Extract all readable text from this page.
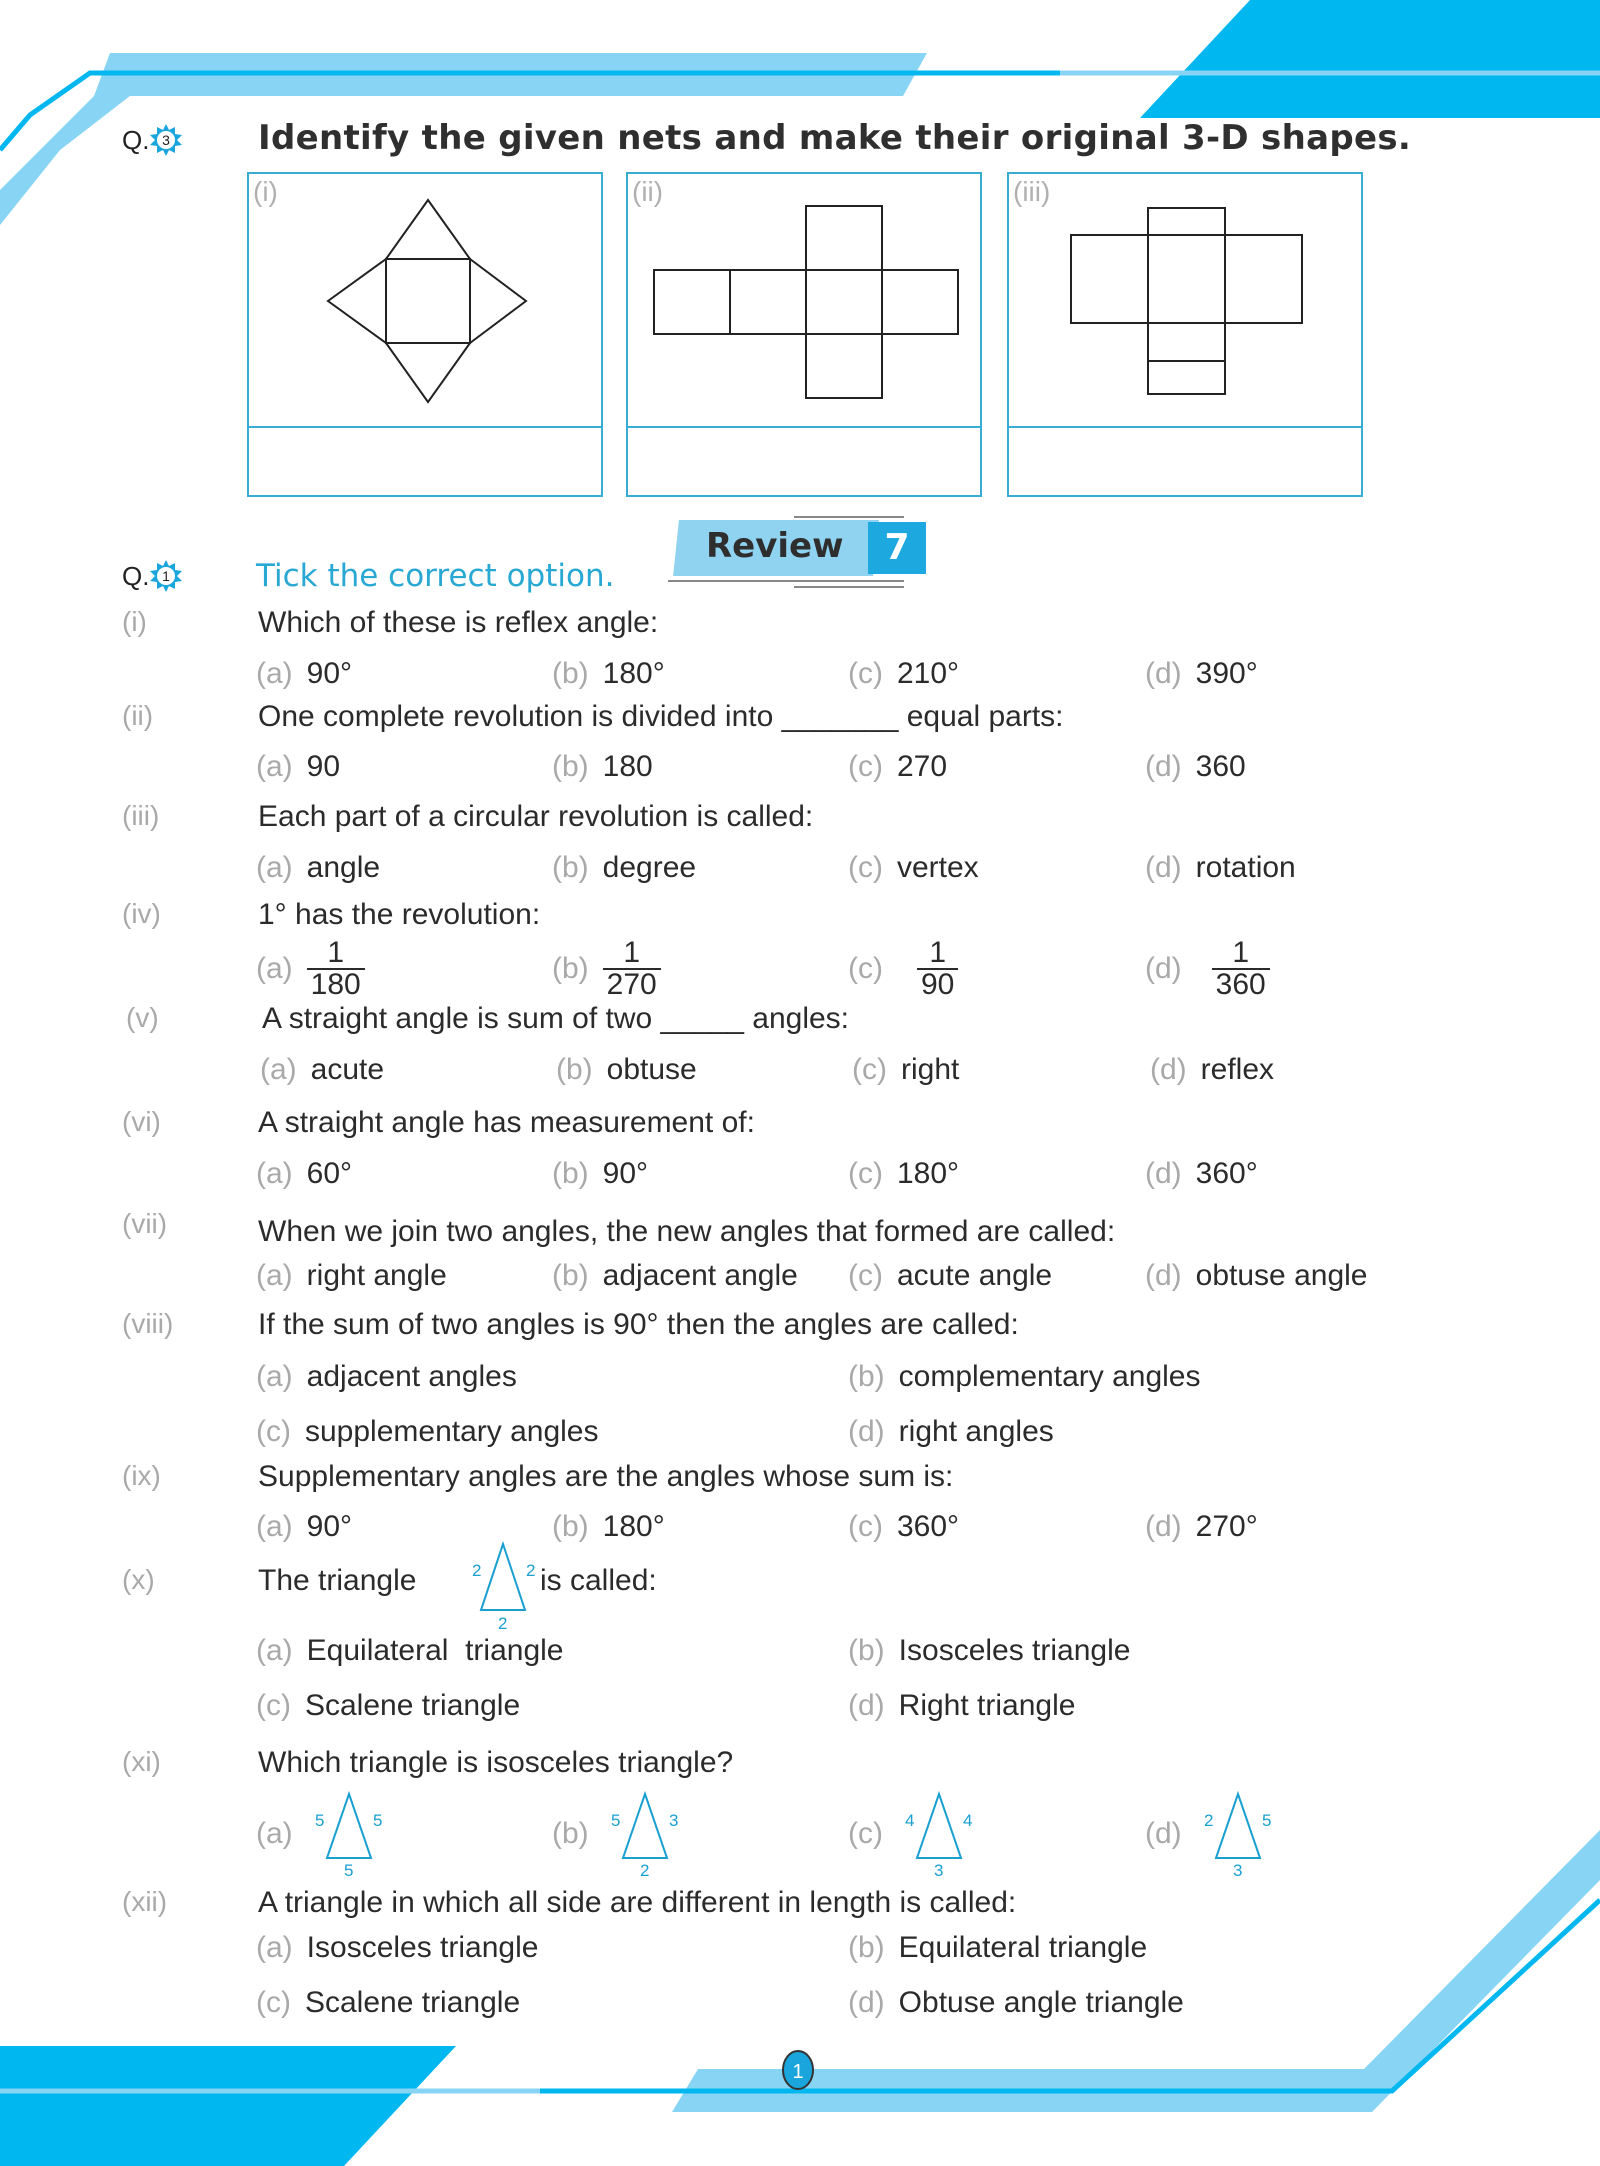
Q. 3	Identify the given nets and make their original 3-D shapes.
(i)	(ii)	(iii)
Review	7
Q. 1	Tick the correct option.
(i)	Which of these is reflex angle:
(a) 90°	(b) 180°	(c) 210°	(d) 390°
(ii)	One complete revolution is divided into _______ equal parts:
(a) 90	(b) 180	(c) 270	(d) 360
(iii)	Each part of a circular revolution is called:
(a) angle	(b) degree	(c) vertex	(d) rotation
(iv)	1° has the revolution:
$(a) \frac{1}{180}$	$(b) \frac{1}{270}$	$(c) \frac{1}{90}$	$(d) \frac{1}{360}$
(v)	A straight angle is sum of two _____ angles:
(a) acute	(b) obtuse	(c) right	(d) reflex
(vi)	A straight angle has measurement of:
(a) 60°	(b) 90°	(c) 180°	(d) 360°
(vii)	When we join two angles, the new angles that formed are called:
(a) right angle	(b) adjacent angle (c) acute angle	(d) obtuse angle
(viii)	If the sum of two angles is 90° then the angles are called:
(a) adjacent angles	(b) complementary angles
(c) supplementary angles	(d) right angles
(ix)	Supplementary angles are the angles whose sum is:
(a) 90°	(b) 180°	(c) 360°	(d) 270°
(x)	The triangle	2	2
2
is called:
(a) Equilateral  triangle	(b) Isosceles triangle
(c) Scalene triangle	(d) Right triangle
(xi)	Which triangle is isosceles triangle?
(a) 5	5
5
(b) 5	3
2
(c) 4	4
3
(d) 2	5
3
(xii)	A triangle in which all side are different in length is called:
(a) Isosceles triangle	(b) Equilateral triangle
(c) Scalene triangle	(d) Obtuse angle triangle
1
